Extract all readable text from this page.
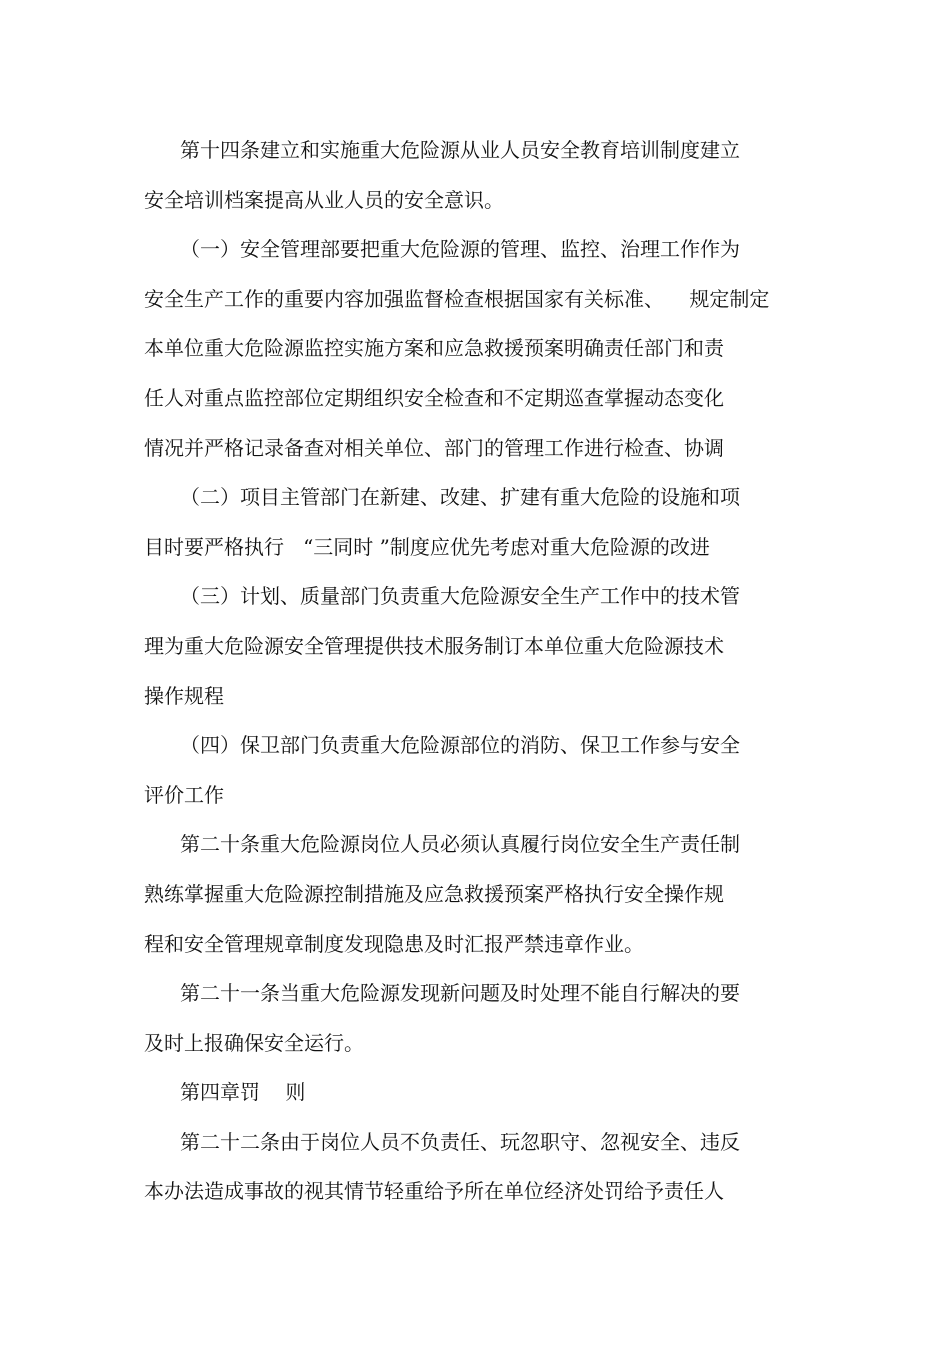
第十四条建立和实施重大危险源从业人员安全教育培训制度建立

安全培训档案提高从业人员的安全意识。

（一）安全管理部要把重大危险源的管理、监控、治理工作作为

安全生产工作的重要内容加强监督检查根据国家有关标准、    规定制定

本单位重大危险源监控实施方案和应急救援预案明确责任部门和责

任人对重点监控部位定期组织安全检查和不定期巡查掌握动态变化

情况并严格记录备查对相关单位、部门的管理工作进行检查、协调

（二）项目主管部门在新建、改建、扩建有重大危险的设施和项

目时要严格执行   “三同时 ”制度应优先考虑对重大危险源的改进

（三）计划、质量部门负责重大危险源安全生产工作中的技术管

理为重大危险源安全管理提供技术服务制订本单位重大危险源技术

操作规程

（四）保卫部门负责重大危险源部位的消防、保卫工作参与安全

评价工作

第二十条重大危险源岗位人员必须认真履行岗位安全生产责任制

熟练掌握重大危险源控制措施及应急救援预案严格执行安全操作规

程和安全管理规章制度发现隐患及时汇报严禁违章作业。

第二十一条当重大危险源发现新问题及时处理不能自行解决的要

及时上报确保安全运行。

第四章罚    则

第二十二条由于岗位人员不负责任、玩忽职守、忽视安全、违反

本办法造成事故的视其情节轻重给予所在单位经济处罚给予责任人
